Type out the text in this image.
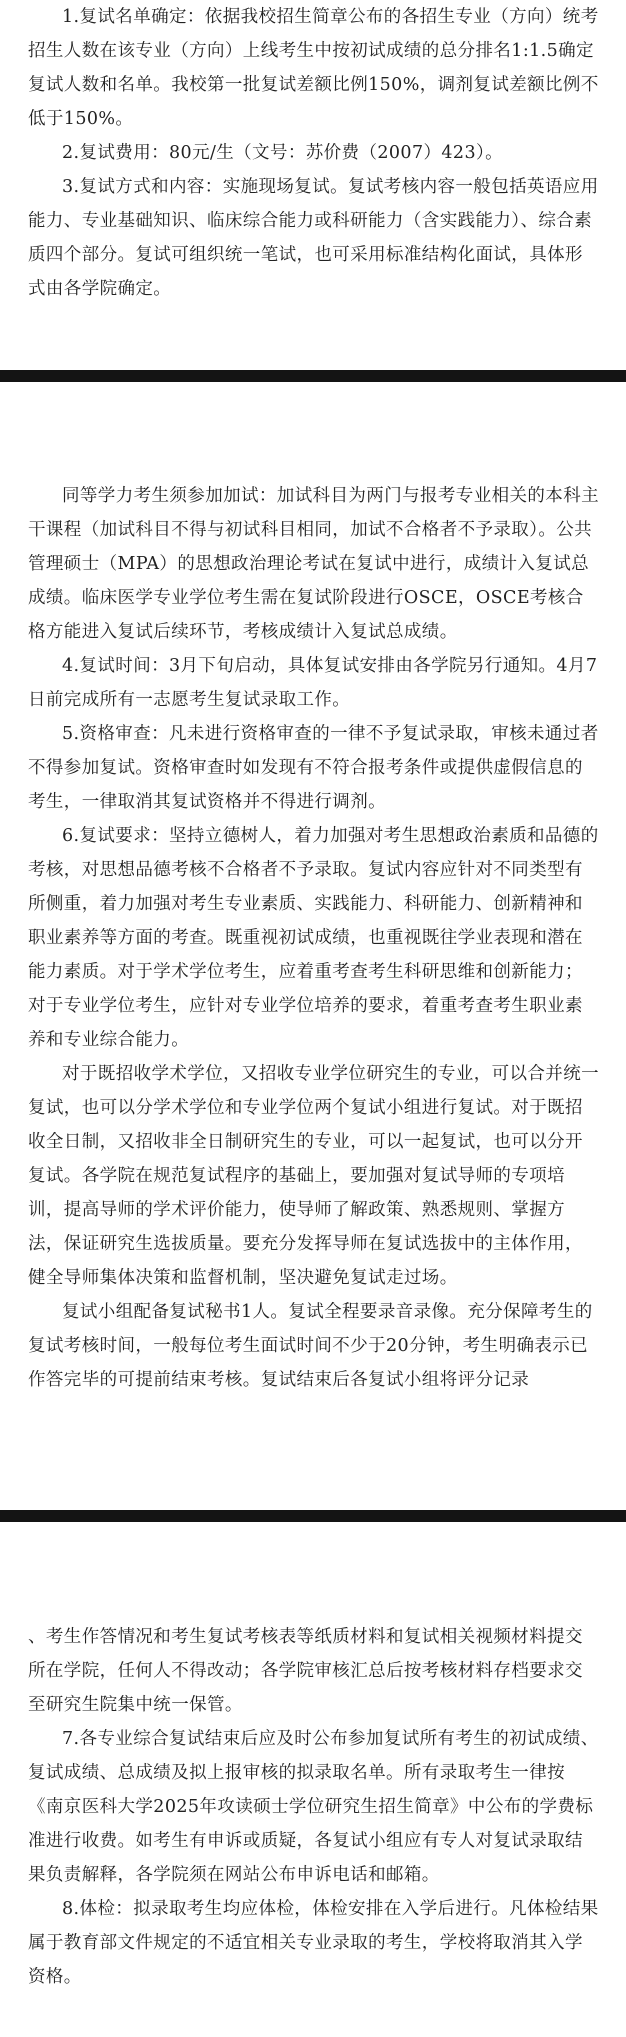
1.复试名单确定：依据我校招生简章公布的各招生专业（方向）统考招生人数在该专业（方向）上线考生中按初试成绩的总分排名1:1.5确定复试人数和名单。我校第一批复试差额比例150%，调剂复试差额比例不低于150%。

2.复试费用：80元/生（文号：苏价费（2007）423）。

3.复试方式和内容：实施现场复试。复试考核内容一般包括英语应用能力、专业基础知识、临床综合能力或科研能力（含实践能力）、综合素质四个部分。复试可组织统一笔试，也可采用标准结构化面试，具体形式由各学院确定。

同等学力考生须参加加试：加试科目为两门与报考专业相关的本科主干课程（加试科目不得与初试科目相同，加试不合格者不予录取）。公共管理硕士（MPA）的思想政治理论考试在复试中进行，成绩计入复试总成绩。临床医学专业学位考生需在复试阶段进行OSCE，OSCE考核合格方能进入复试后续环节，考核成绩计入复试总成绩。

4.复试时间：3月下旬启动，具体复试安排由各学院另行通知。4月7日前完成所有一志愿考生复试录取工作。

5.资格审查：凡未进行资格审查的一律不予复试录取，审核未通过者不得参加复试。资格审查时如发现有不符合报考条件或提供虚假信息的考生，一律取消其复试资格并不得进行调剂。

6.复试要求：坚持立德树人，着力加强对考生思想政治素质和品德的考核，对思想品德考核不合格者不予录取。复试内容应针对不同类型有所侧重，着力加强对考生专业素质、实践能力、科研能力、创新精神和职业素养等方面的考查。既重视初试成绩，也重视既往学业表现和潜在能力素质。对于学术学位考生，应着重考查考生科研思维和创新能力；对于专业学位考生，应针对专业学位培养的要求，着重考查考生职业素养和专业综合能力。

对于既招收学术学位，又招收专业学位研究生的专业，可以合并统一复试，也可以分学术学位和专业学位两个复试小组进行复试。对于既招收全日制，又招收非全日制研究生的专业，可以一起复试，也可以分开复试。各学院在规范复试程序的基础上，要加强对复试导师的专项培训，提高导师的学术评价能力，使导师了解政策、熟悉规则、掌握方法，保证研究生选拔质量。要充分发挥导师在复试选拔中的主体作用，健全导师集体决策和监督机制，坚决避免复试走过场。

复试小组配备复试秘书1人。复试全程要录音录像。充分保障考生的复试考核时间，一般每位考生面试时间不少于20分钟，考生明确表示已作答完毕的可提前结束考核。复试结束后各复试小组将评分记录

、考生作答情况和考生复试考核表等纸质材料和复试相关视频材料提交所在学院，任何人不得改动；各学院审核汇总后按考核材料存档要求交至研究生院集中统一保管。

7.各专业综合复试结束后应及时公布参加复试所有考生的初试成绩、复试成绩、总成绩及拟上报审核的拟录取名单。所有录取考生一律按《南京医科大学2025年攻读硕士学位研究生招生简章》中公布的学费标准进行收费。如考生有申诉或质疑，各复试小组应有专人对复试录取结果负责解释，各学院须在网站公布申诉电话和邮箱。

8.体检：拟录取考生均应体检，体检安排在入学后进行。凡体检结果属于教育部文件规定的不适宜相关专业录取的考生，学校将取消其入学资格。
